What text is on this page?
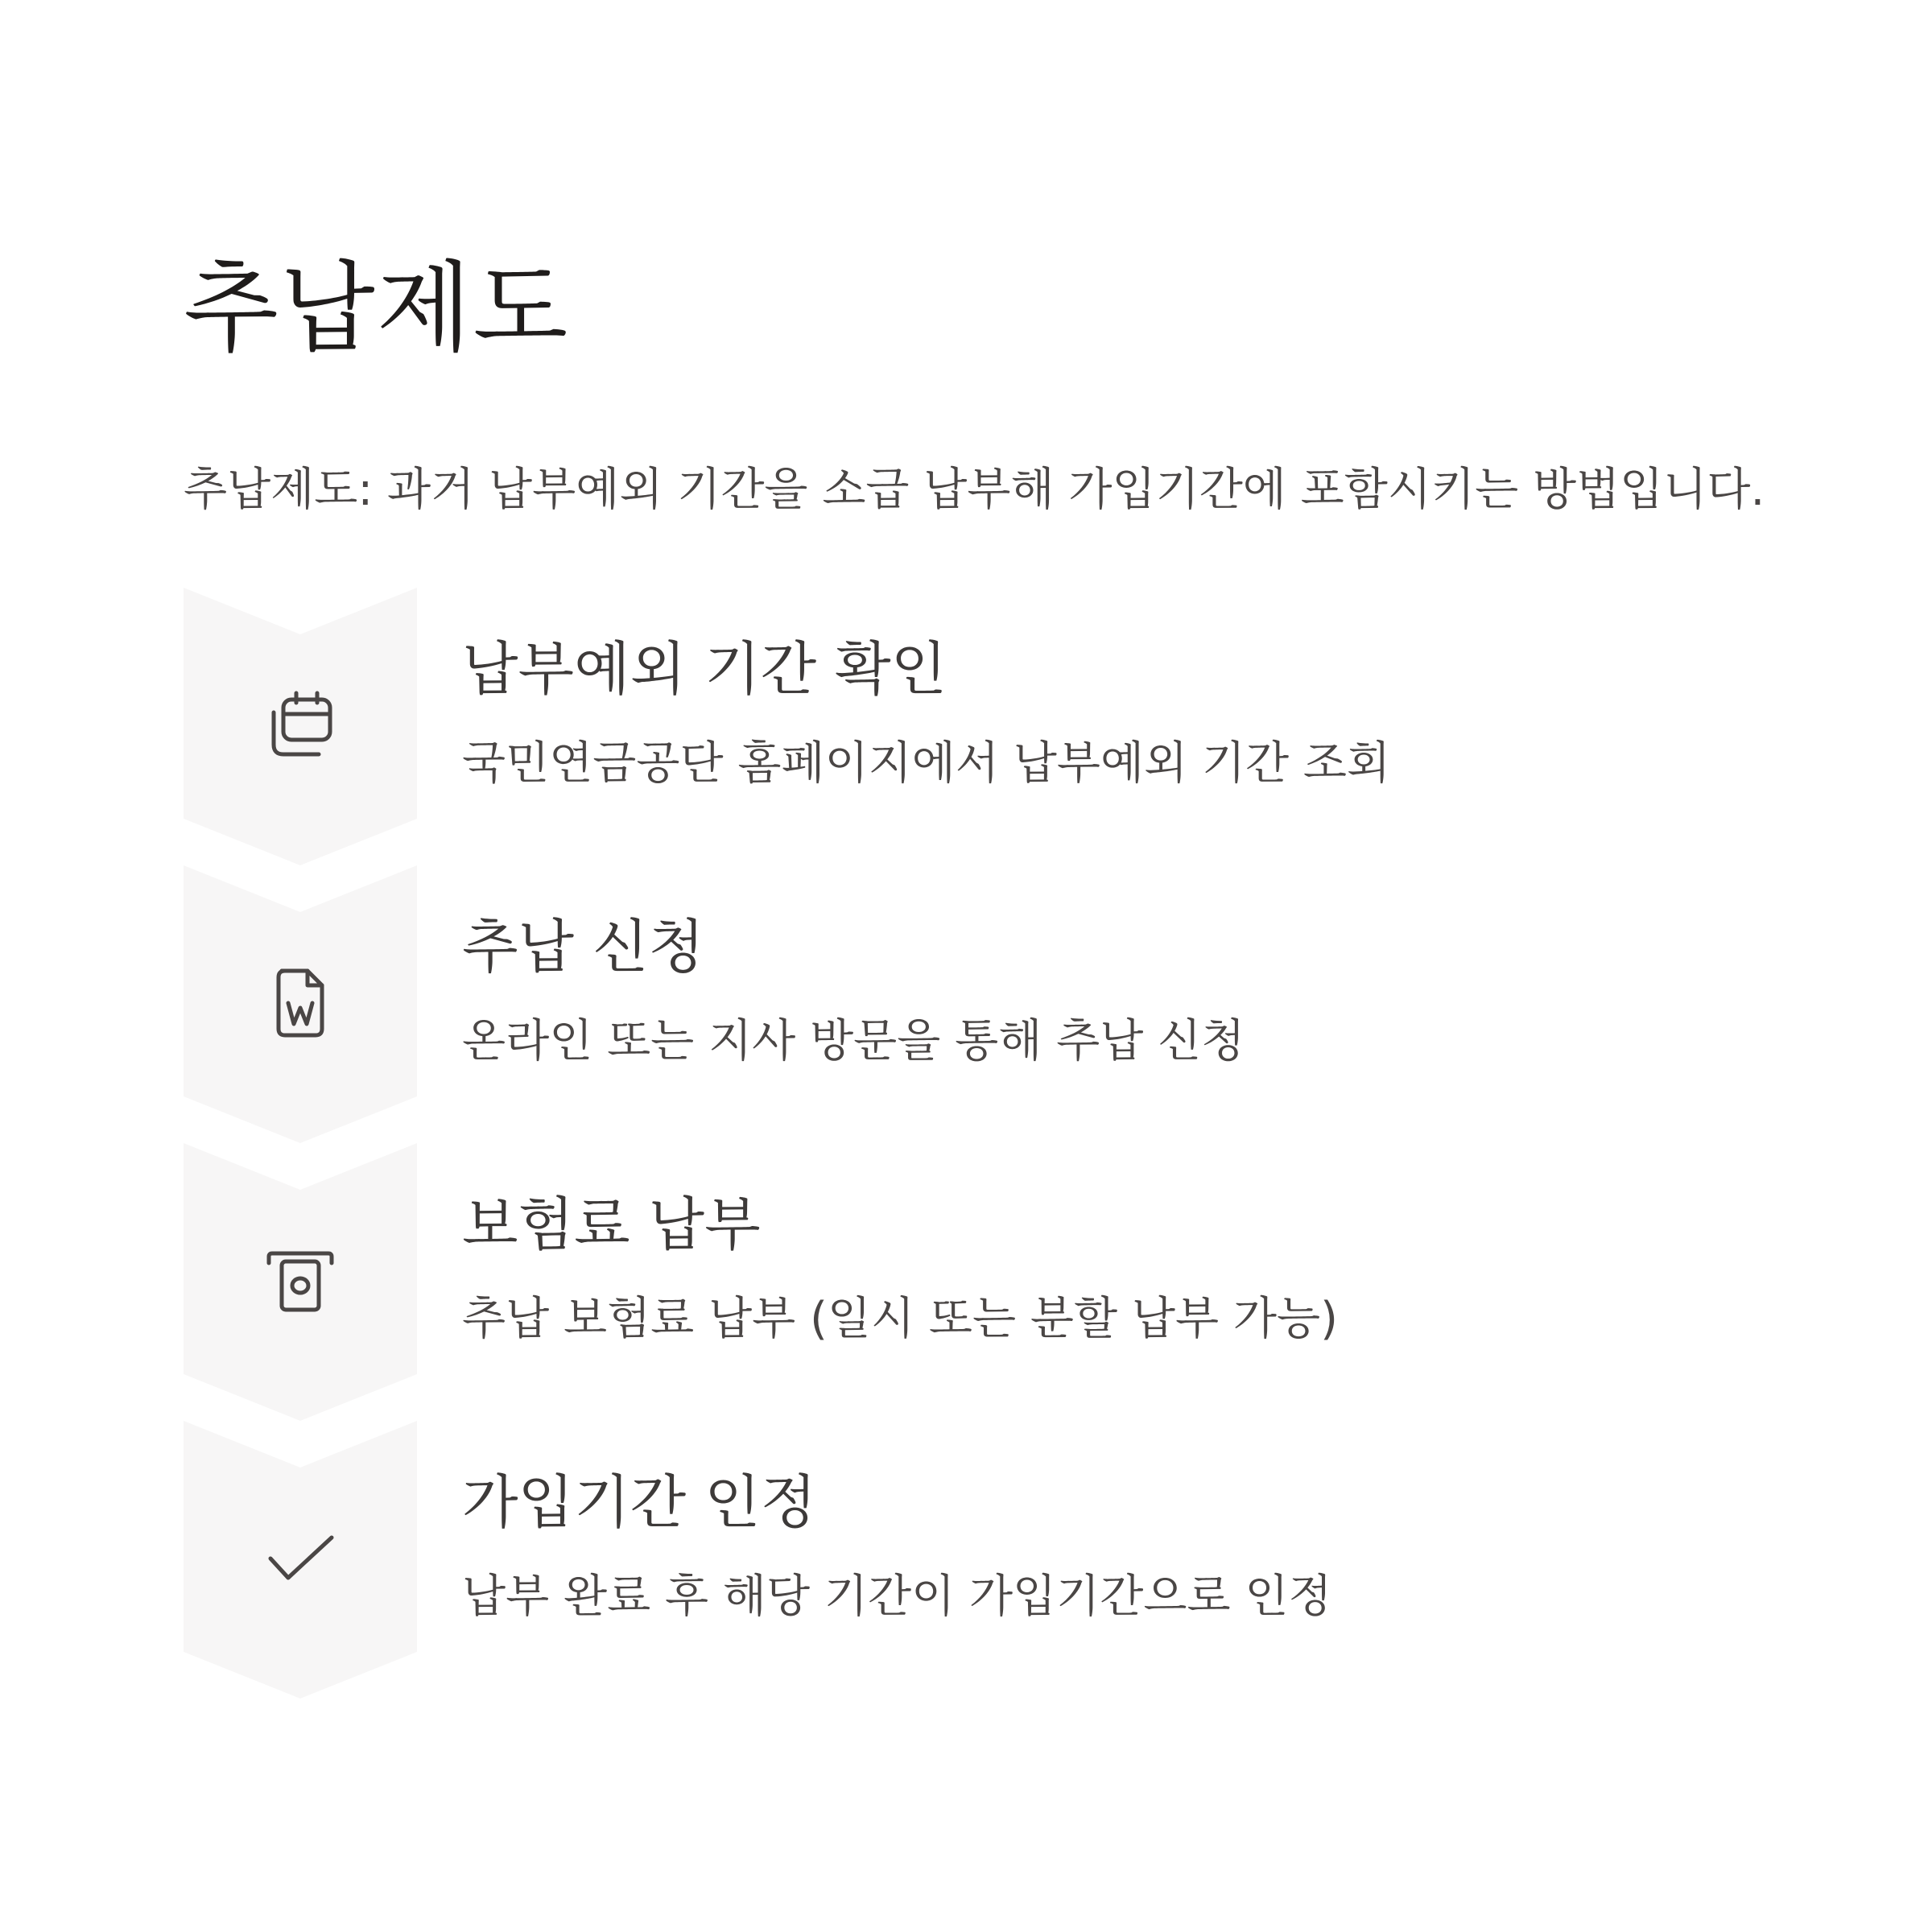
추납제도

추납제도: 과거 납부예외 기간을 소급 납부해 가입기간에 포함시키는 방법입니다.

납부예외 기간 확인

국민연금공단 홈페이지에서 납부예외 기간 조회

추납 신청

온라인 또는 지사 방문을 통해 추납 신청

보험료 납부

추납 보험료 납부 (일시 또는 분할 납부 가능)

가입기간 인정

납부 완료 후 해당 기간이 가입기간으로 인정
